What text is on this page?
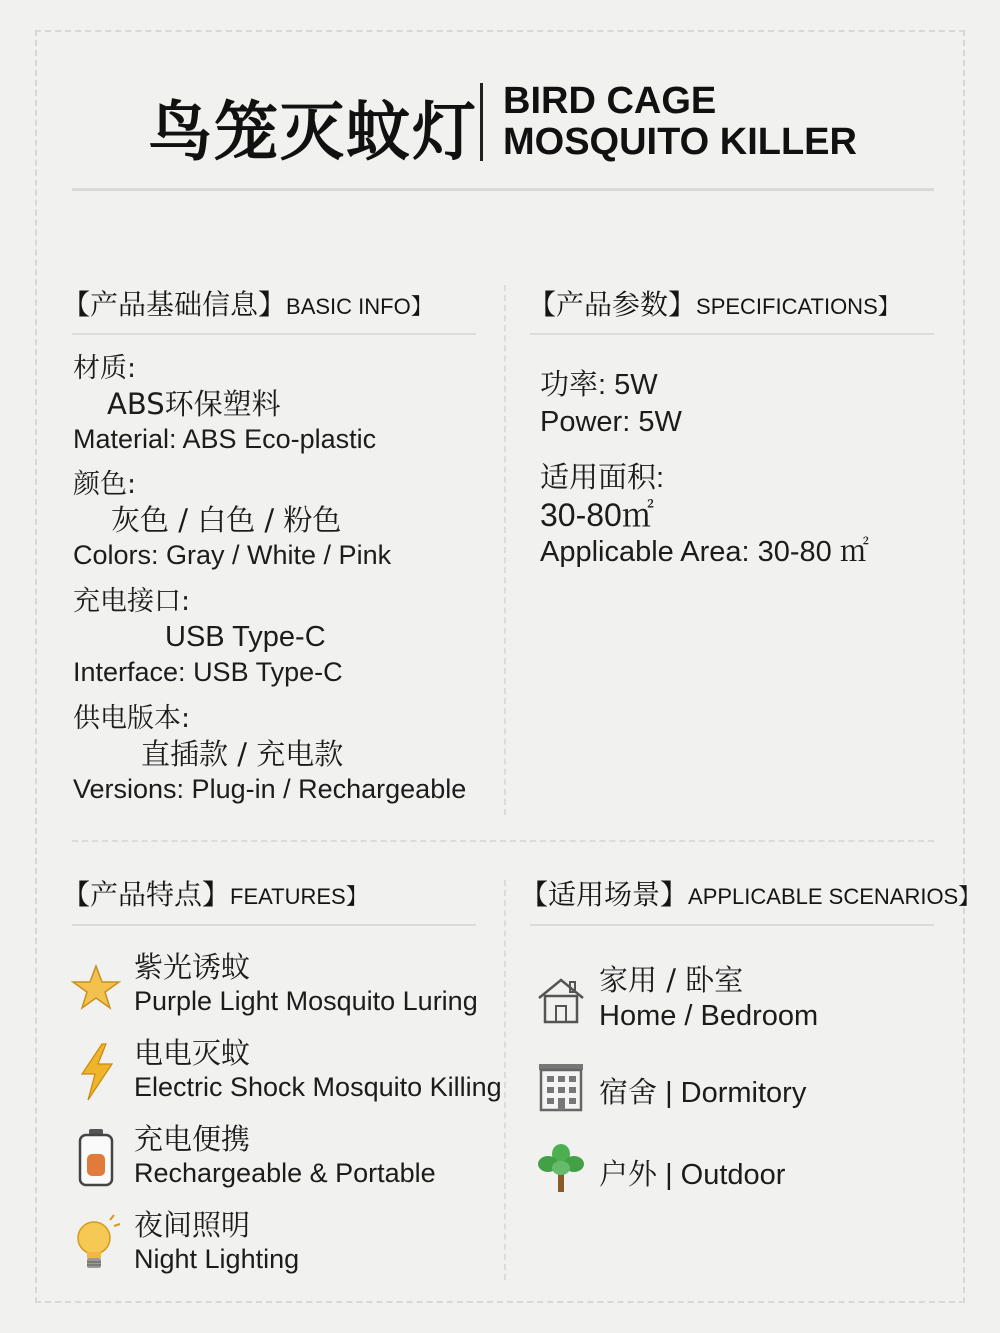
鸟笼灭蚊灯 BIRD CAGE
MOSQUITO KILLER
【产品基础信息】BASIC INFO】
材质:
ABS环保塑料
Material: ABS Eco-plastic
颜色:
灰色 / 白色 / 粉色
Colors: Gray / White / Pink
充电接口:
USB Type-C
Interface: USB Type-C
供电版本:
直插款 / 充电款
Versions: Plug-in / Rechargeable
【产品参数】SPECIFICATIONS】
功率: 5W
Power: 5W
适用面积:
30-80㎡
Applicable Area: 30-80 ㎡
【产品特点】FEATURES】
紫光诱蚊
Purple Light Mosquito Luring
电电灭蚊
Electric Shock Mosquito Killing
充电便携
Rechargeable & Portable
夜间照明
Night Lighting
【适用场景】APPLICABLE SCENARIOS】
家用 / 卧室
Home / Bedroom
宿舍 | Dormitory
户外 | Outdoor
